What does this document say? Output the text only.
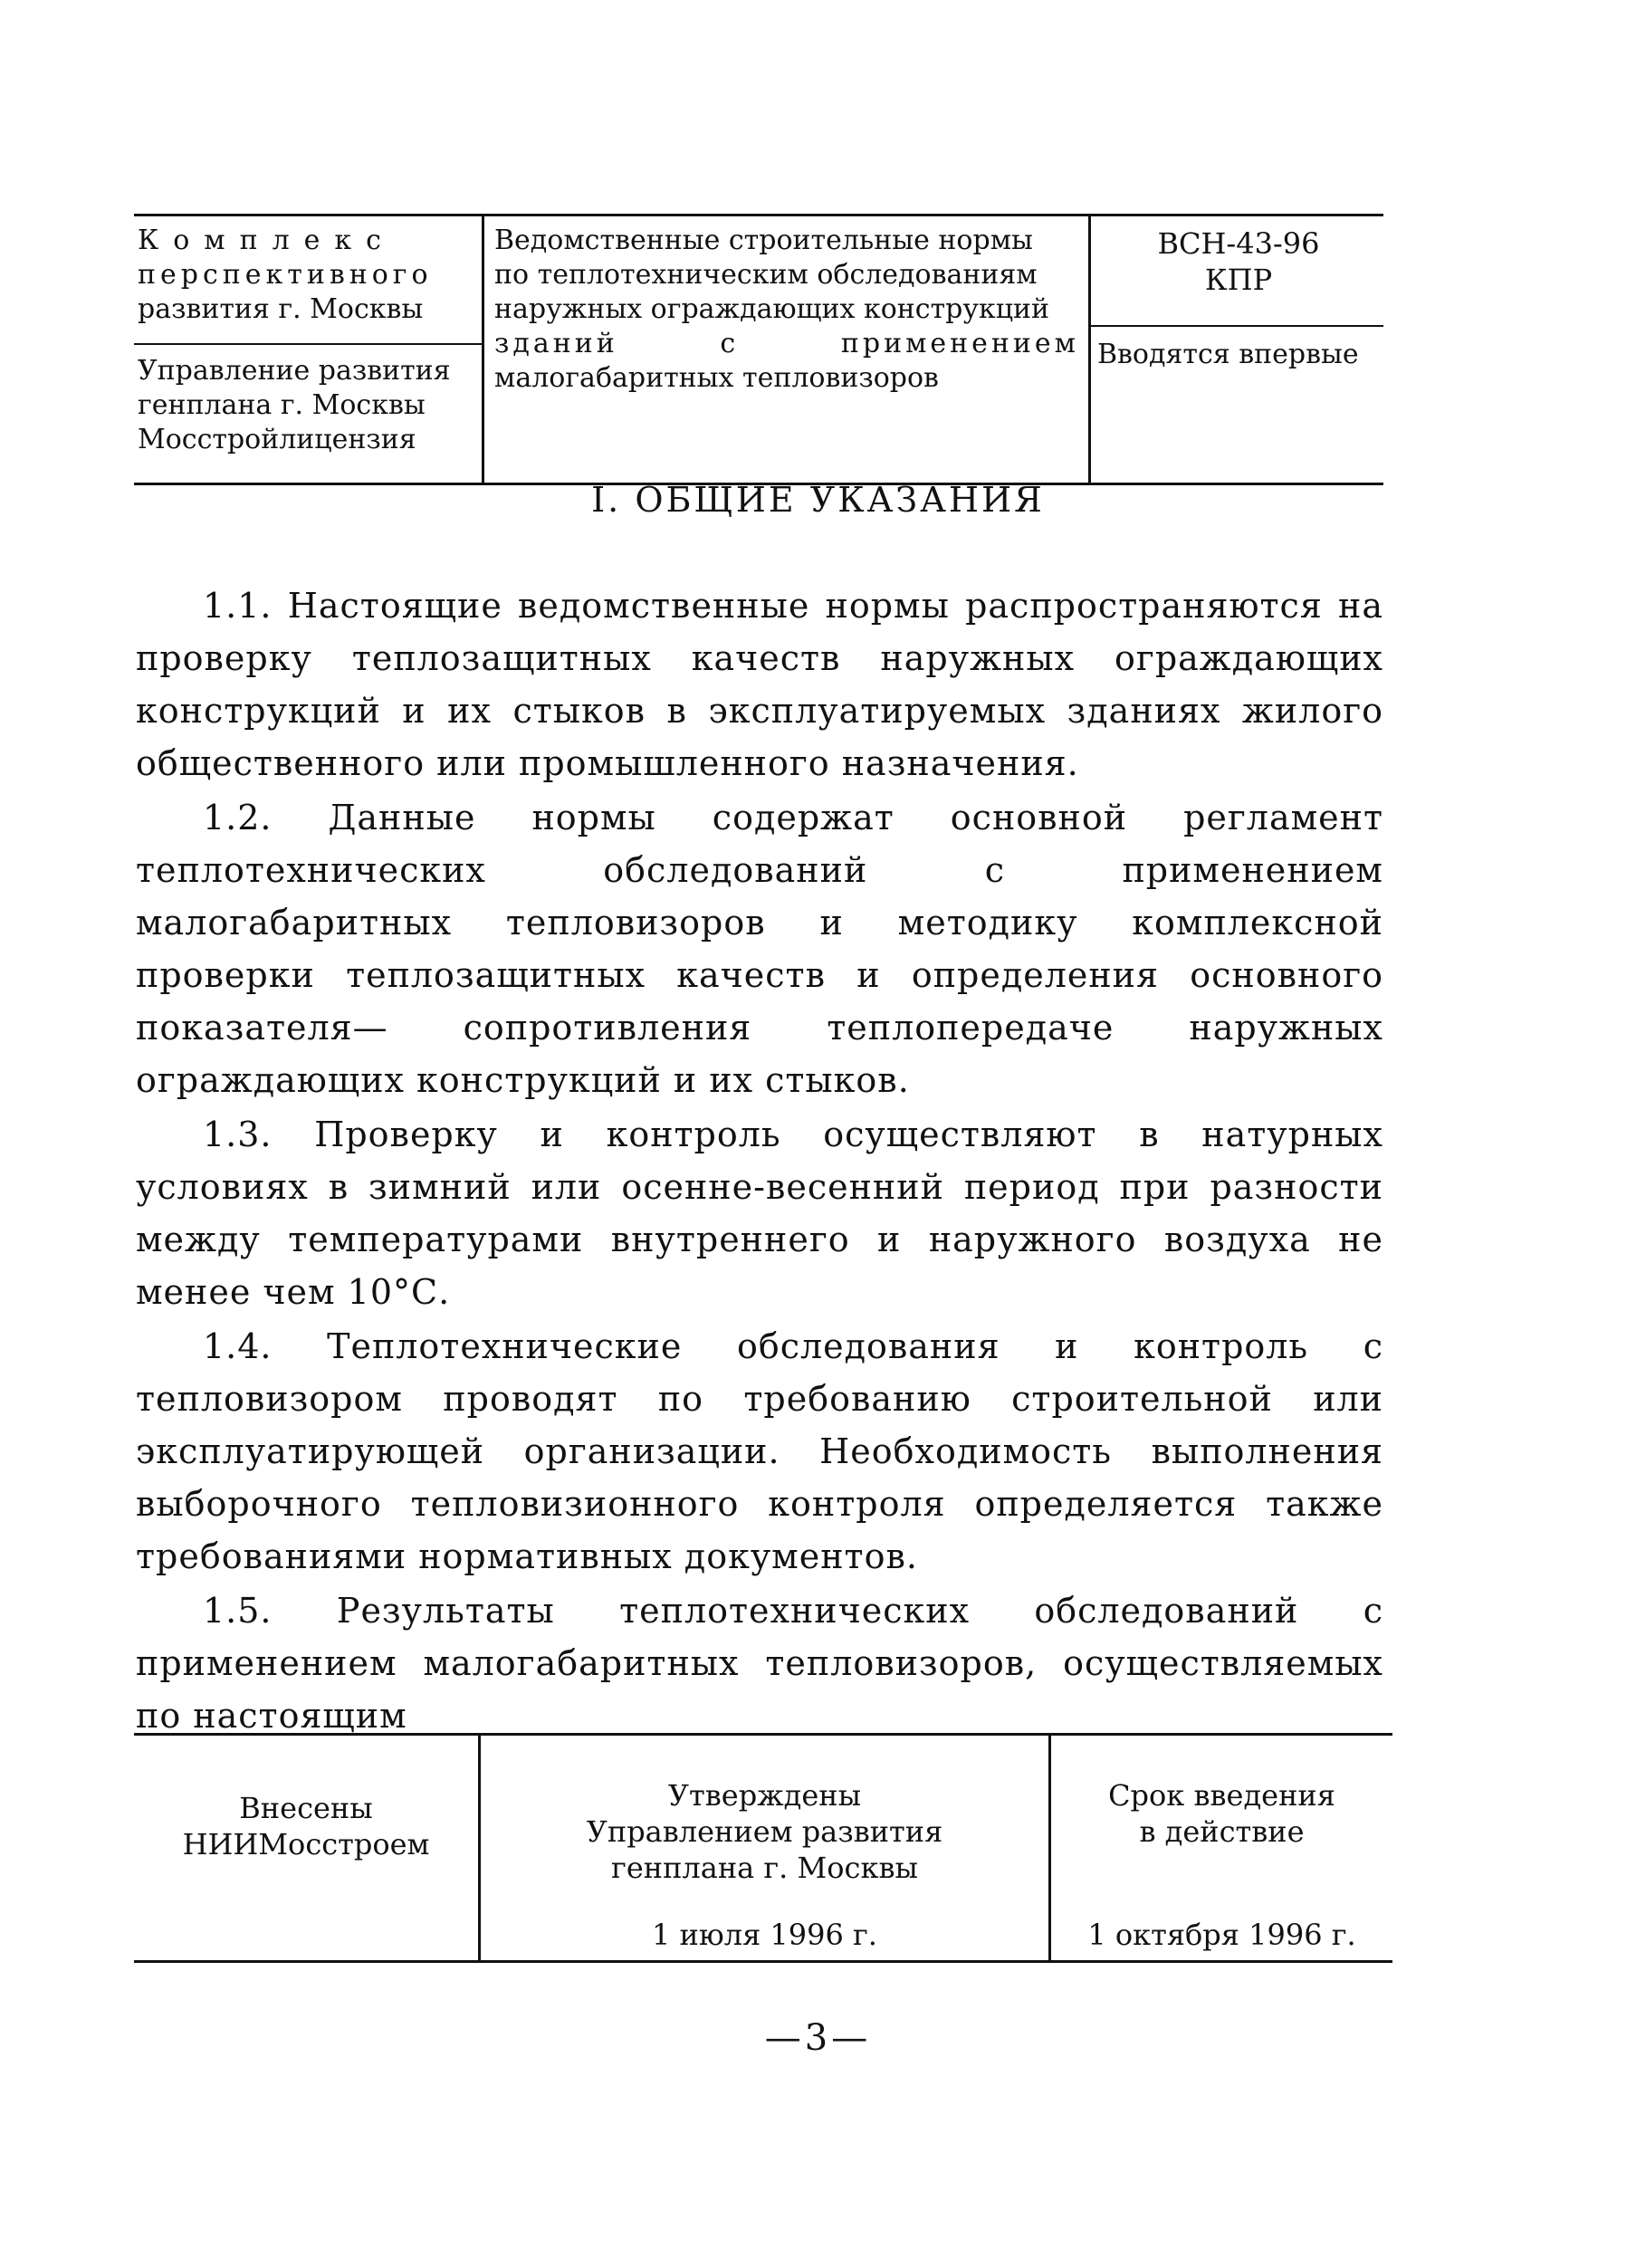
Комплекс
перспективного
развития г. Москвы
Управление развития
генплана г. Москвы
Мосстройлицензия
Ведомственные строительные нормы
по теплотехническим обследованиям
наружных ограждающих конструкций
зданий с применением
малогабаритных тепловизоров
ВСН-43-96
КПР
Вводятся впервые
I. ОБЩИЕ УКАЗАНИЯ

1.1. Настоящие ведомственные нормы распространяются на проверку теплозащитных качеств наружных ограждающих конструкций и их стыков в эксплуатируемых зданиях жилого общественного или промышленного назначения.

1.2. Данные нормы содержат основной регламент теплотехнических обследований с применением малогабаритных тепловизоров и методику комплексной проверки теплозащитных качеств и определения основного показателя— сопротивления теплопередаче наружных ограждающих конструкций и их стыков.

1.3. Проверку и контроль осуществляют в натурных условиях в зимний или осенне-весенний период при разности между температурами внутреннего и наружного воздуха не менее чем 10°С.

1.4. Теплотехнические обследования и контроль с тепловизором проводят по требованию строительной или эксплуатирующей организации. Необходимость выполнения выборочного тепловизионного контроля определяется также требованиями нормативных документов.

1.5. Результаты теплотехнических обследований с применением малогабаритных тепловизоров, осуществляемых по настоящим

Внесены
НИИМосстроем
Утверждены
Управлением развития
генплана г. Москвы
1 июля 1996 г.
Срок введения
в действие
1 октября 1996 г.
—3—
